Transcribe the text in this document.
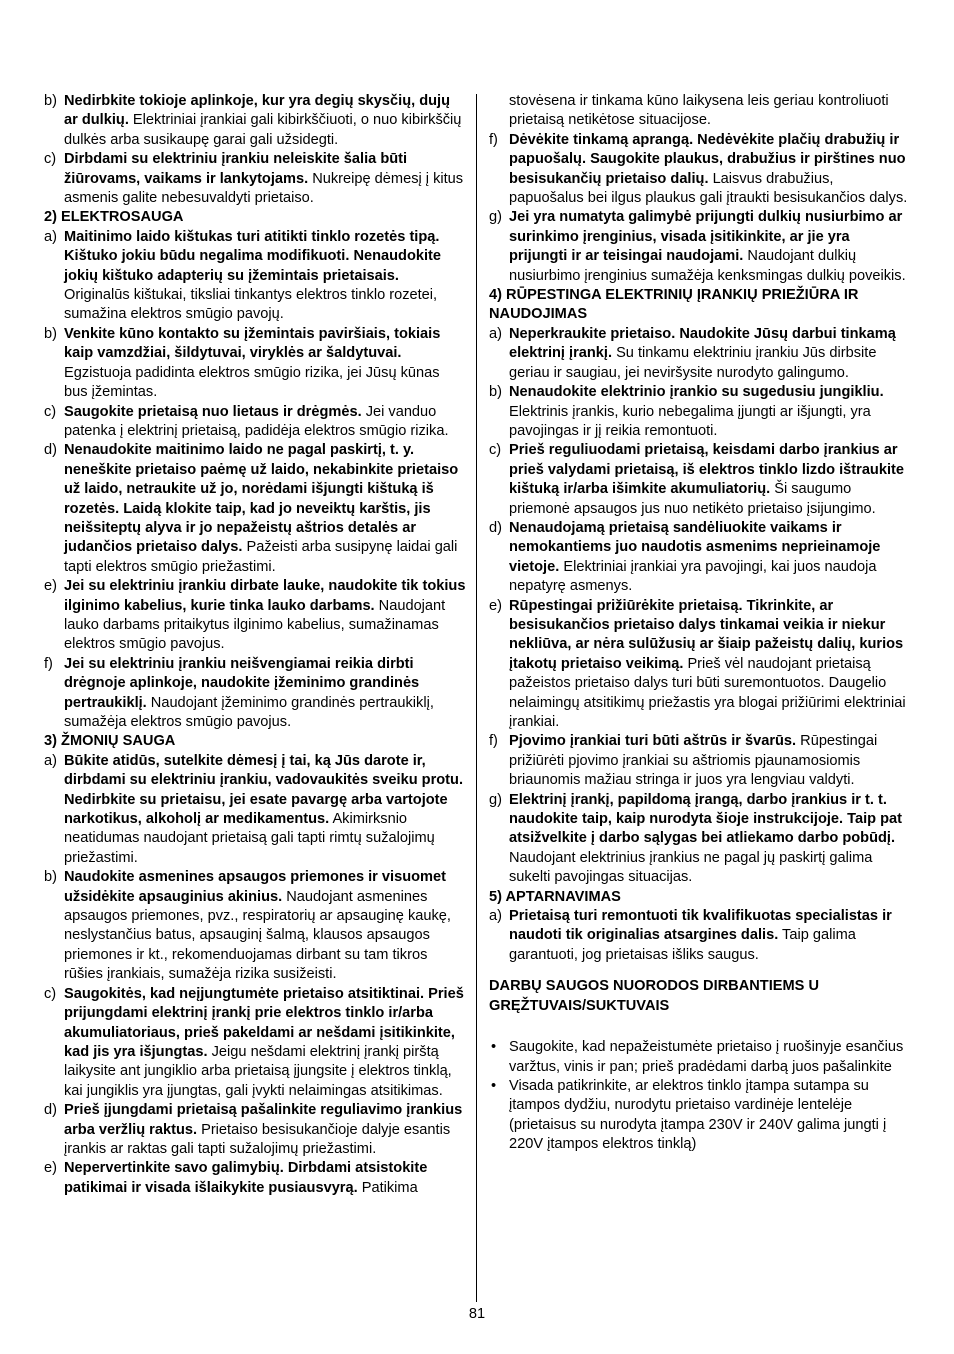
b) Nedirbkite tokioje aplinkoje, kur yra degių skysčių, dujų ar dulkių. Elektriniai įrankiai gali kibirkščiuoti, o nuo kibirkščių dulkės arba susikaupę garai gali užsidegti.

c) Dirbdami su elektriniu įrankiu neleiskite šalia būti žiūrovams, vaikams ir lankytojams. Nukreipę dėmesį į kitus asmenis galite nebesuvaldyti prietaiso.

2) ELEKTROSAUGA

a) Maitinimo laido kištukas turi atitikti tinklo rozetės tipą. Kištuko jokiu būdu negalima modifikuoti. Nenaudokite jokių kištuko adapterių su įžemintais prietaisais. Originalūs kištukai, tiksliai tinkantys elektros tinklo rozetei, sumažina elektros smūgio pavojų.

b) Venkite kūno kontakto su įžemintais paviršiais, tokiais kaip vamzdžiai, šildytuvai, viryklės ar šaldytuvai. Egzistuoja padidinta elektros smūgio rizika, jei Jūsų kūnas bus įžemintas.

c) Saugokite prietaisą nuo lietaus ir drėgmės. Jei vanduo patenka į elektrinį prietaisą, padidėja elektros smūgio rizika.

d) Nenaudokite maitinimo laido ne pagal paskirtį, t. y. neneškite prietaiso paėmę už laido, nekabinkite prietaiso už laido, netraukite už jo, norėdami išjungti kištuką iš rozetės. Laidą klokite taip, kad jo neveiktų karštis, jis neišsiteptų alyva ir jo nepažeistų aštrios detalės ar judančios prietaiso dalys. Pažeisti arba susipynę laidai gali tapti elektros smūgio priežastimi.

e) Jei su elektriniu įrankiu dirbate lauke, naudokite tik tokius ilginimo kabelius, kurie tinka lauko darbams. Naudojant lauko darbams pritaikytus ilginimo kabelius, sumažinamas elektros smūgio pavojus.

f) Jei su elektriniu įrankiu neišvengiamai reikia dirbti drėgnoje aplinkoje, naudokite įžeminimo grandinės pertraukiklį. Naudojant įžeminimo grandinės pertraukiklį, sumažėja elektros smūgio pavojus.

3) ŽMONIŲ SAUGA

a) Būkite atidūs, sutelkite dėmesį į tai, ką Jūs darote ir, dirbdami su elektriniu įrankiu, vadovaukitės sveiku protu. Nedirbkite su prietaisu, jei esate pavargę arba vartojote narkotikus, alkoholį ar medikamentus. Akimirksnio neatidumas naudojant prietaisą gali tapti rimtų sužalojimų priežastimi.

b) Naudokite asmenines apsaugos priemones ir visuomet užsidėkite apsauginius akinius. Naudojant asmenines apsaugos priemones, pvz., respiratorių ar apsauginę kaukę, neslystančius batus, apsauginį šalmą, klausos apsaugos priemones ir kt., rekomenduojamas dirbant su tam tikros rūšies įrankiais, sumažėja rizika susižeisti.

c) Saugokitės, kad neįjungtumėte prietaiso atsitiktinai. Prieš prijungdami elektrinį įrankį prie elektros tinklo ir/arba akumuliatoriaus, prieš pakeldami ar nešdami įsitikinkite, kad jis yra išjungtas. Jeigu nešdami elektrinį įrankį pirštą laikysite ant jungiklio arba prietaisą įjungsite į elektros tinklą, kai jungiklis yra įjungtas, gali įvykti nelaimingas atsitikimas.

d) Prieš įjungdami prietaisą pašalinkite reguliavimo įrankius arba veržlių raktus. Prietaiso besisukančioje dalyje esantis įrankis ar raktas gali tapti sužalojimų priežastimi.

e) Nepervertinkite savo galimybių. Dirbdami atsistokite patikimai ir visada išlaikykite pusiausvyrą. Patikima

stovėsena ir tinkama kūno laikysena leis geriau kontroliuoti prietaisą netikėtose situacijose.

f) Dėvėkite tinkamą aprangą. Nedėvėkite plačių drabužių ir papuošalų. Saugokite plaukus, drabužius ir pirštines nuo besisukančių prietaiso dalių. Laisvus drabužius, papuošalus bei ilgus plaukus gali įtraukti besisukančios dalys.

g) Jei yra numatyta galimybė prijungti dulkių nusiurbimo ar surinkimo įrenginius, visada įsitikinkite, ar jie yra prijungti ir ar teisingai naudojami. Naudojant dulkių nusiurbimo įrenginius sumažėja kenksmingas dulkių poveikis.

4) RŪPESTINGA ELEKTRINIŲ ĮRANKIŲ PRIEŽIŪRA IR NAUDOJIMAS

a) Neperkraukite prietaiso. Naudokite Jūsų darbui tinkamą elektrinį įrankį. Su tinkamu elektriniu įrankiu Jūs dirbsite geriau ir saugiau, jei neviršysite nurodyto galingumo.

b) Nenaudokite elektrinio įrankio su sugedusiu jungikliu. Elektrinis įrankis, kurio nebegalima įjungti ar išjungti, yra pavojingas ir jį reikia remontuoti.

c) Prieš reguliuodami prietaisą, keisdami darbo įrankius ar prieš valydami prietaisą, iš elektros tinklo lizdo ištraukite kištuką ir/arba išimkite akumuliatorių. Ši saugumo priemonė apsaugos jus nuo netikėto prietaiso įsijungimo.

d) Nenaudojamą prietaisą sandėliuokite vaikams ir nemokantiems juo naudotis asmenims neprieinamoje vietoje. Elektriniai įrankiai yra pavojingi, kai juos naudoja nepatyrę asmenys.

e) Rūpestingai prižiūrėkite prietaisą. Tikrinkite, ar besisukančios prietaiso dalys tinkamai veikia ir niekur nekliūva, ar nėra sulūžusių ar šiaip pažeistų dalių, kurios įtakotų prietaiso veikimą. Prieš vėl naudojant prietaisą pažeistos prietaiso dalys turi būti suremontuotos. Daugelio nelaimingų atsitikimų priežastis yra blogai prižiūrimi elektriniai įrankiai.

f) Pjovimo įrankiai turi būti aštrūs ir švarūs. Rūpestingai prižiūrėti pjovimo įrankiai su aštriomis pjaunamosiomis briaunomis mažiau stringa ir juos yra lengviau valdyti.

g) Elektrinį įrankį, papildomą įrangą, darbo įrankius ir t. t. naudokite taip, kaip nurodyta šioje instrukcijoje. Taip pat atsižvelkite į darbo sąlygas bei atliekamo darbo pobūdį. Naudojant elektrinius įrankius ne pagal jų paskirtį galima sukelti pavojingas situacijas.

5) APTARNAVIMAS

a) Prietaisą turi remontuoti tik kvalifikuotas specialistas ir naudoti tik originalias atsargines dalis. Taip galima garantuoti, jog prietaisas išliks saugus.

DARBŲ SAUGOS NUORODOS DIRBANTIEMS U GRĘŽTUVAIS/SUKTUVAIS

• Saugokite, kad nepažeistumėte prietaiso į ruošinyje esančius varžtus, vinis ir pan; prieš pradėdami darbą juos pašalinkite

• Visada patikrinkite, ar elektros tinklo įtampa sutampa su įtampos dydžiu, nurodytu prietaiso vardinėje lentelėje (prietaisus su nurodyta įtampa 230V ir 240V galima jungti į 220V įtampos elektros tinklą)

81
